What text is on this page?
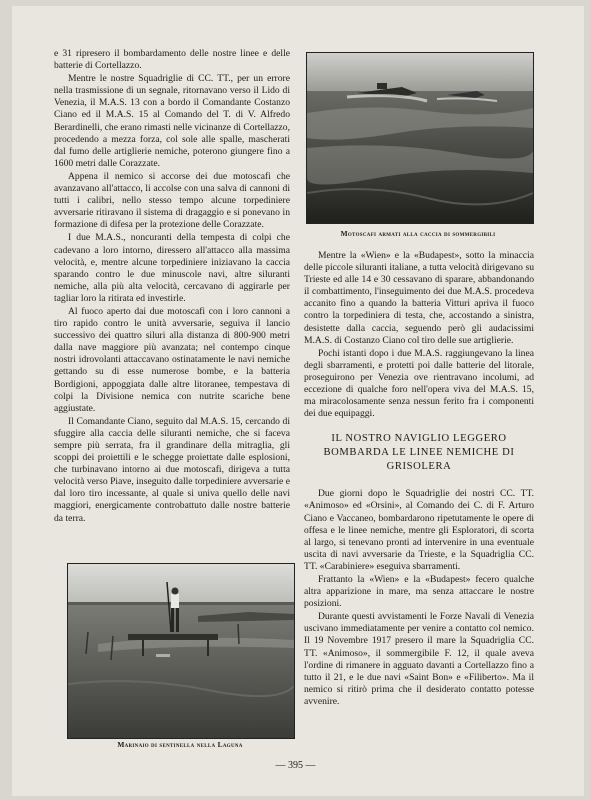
e 31 ripresero il bombardamento delle nostre linee e delle batterie di Cortellazzo.

Mentre le nostre Squadriglie di CC. TT., per un errore nella trasmissione di un segnale, ritornavano verso il Lido di Venezia, il M.A.S. 13 con a bordo il Comandante Costanzo Ciano ed il M.A.S. 15 al Comando del T. di V. Alfredo Berardinelli, che erano rimasti nelle vicinanze di Cortellazzo, procedendo a mezza forza, col sole alle spalle, mascherati dal fumo delle artiglierie nemiche, poterono giungere fino a 1600 metri dalle Corazzate.

Appena il nemico si accorse dei due motoscafi che avanzavano all'attacco, li accolse con una salva di cannoni di tutti i calibri, nello stesso tempo alcune torpediniere avversarie ritiravano il sistema di dragaggio e si ponevano in formazione di difesa per la protezione delle Corazzate.

I due M.A.S., noncuranti della tempesta di colpi che cadevano a loro intorno, diressero all'attacco alla massima velocità, e, mentre alcune torpediniere iniziavano la caccia sparando contro le due minuscole navi, altre siluranti nemiche, alla più alta velocità, cercavano di aggirarle per tagliar loro la ritirata ed investirle.

Al fuoco aperto dai due motoscafi con i loro cannoni a tiro rapido contro le unità avversarie, seguiva il lancio successivo dei quattro siluri alla distanza di 800-900 metri dalla nave maggiore più avanzata; nel contempo cinque nostri idrovolanti attaccavano ostinatamente le navi nemiche gettando su di esse numerose bombe, e la batteria Bordigioni, appoggiata dalle altre litoranee, tempestava di colpi la Divisione nemica con nutrite scariche bene aggiustate.

Il Comandante Ciano, seguito dal M.A.S. 15, cercando di sfuggire alla caccia delle siluranti nemiche, che si faceva sempre più serrata, fra il grandinare della mitraglia, gli scoppi dei proiettili e le schegge proiettate dalle esplosioni, che turbinavano intorno ai due motoscafi, dirigeva a tutta velocità verso Piave, inseguito dalle torpediniere avversarie e dal loro tiro incessante, al quale si univa quello delle navi maggiori, energicamente controbattuto dalle nostre batterie da terra.

Motoscafi armati alla caccia di sommergibili

Mentre la «Wien» e la «Budapest», sotto la minaccia delle piccole siluranti italiane, a tutta velocità dirigevano su Trieste ed alle 14 e 30 cessavano di sparare, abbandonando il combattimento, l'inseguimento dei due M.A.S. procedeva accanito fino a quando la batteria Vitturi apriva il fuoco contro la torpediniera di testa, che, accostando a sinistra, desistette dalla caccia, seguendo però gli audacissimi M.A.S. di Costanzo Ciano col tiro delle sue artiglierie.

Pochi istanti dopo i due M.A.S. raggiungevano la linea degli sbarramenti, e protetti poi dalle batterie del litorale, proseguirono per Venezia ove rientravano incolumi, ad eccezione di qualche foro nell'opera viva del M.A.S. 15, ma miracolosamente senza nessun ferito fra i componenti dei due equipaggi.

IL NOSTRO NAVIGLIO LEGGERO BOMBARDA LE LINEE NEMICHE DI GRISOLERA

Due giorni dopo le Squadriglie dei nostri CC. TT. «Animoso» ed «Orsini», al Comando dei C. di F. Arturo Ciano e Vaccaneo, bombardarono ripetutamente le opere di offesa e le linee nemiche, mentre gli Esploratori, di scorta al largo, si tenevano pronti ad intervenire in una eventuale uscita di navi avversarie da Trieste, e la Squadriglia CC. TT. «Carabiniere» eseguiva sbarramenti.

Frattanto la «Wien» e la «Budapest» fecero qualche altra apparizione in mare, ma senza attaccare le nostre posizioni.

Durante questi avvistamenti le Forze Navali di Venezia uscivano immediatamente per venire a contatto col nemico. Il 19 Novembre 1917 presero il mare la Squadriglia CC. TT. «Animoso», il sommergibile F. 12, il quale aveva l'ordine di rimanere in agguato davanti a Cortellazzo fino a tutto il 21, e le due navi «Saint Bon» e «Filiberto». Ma il nemico si ritirò prima che il desiderato contatto potesse avvenire.

Marinaio di sentinella nella Laguna
— 395 —
